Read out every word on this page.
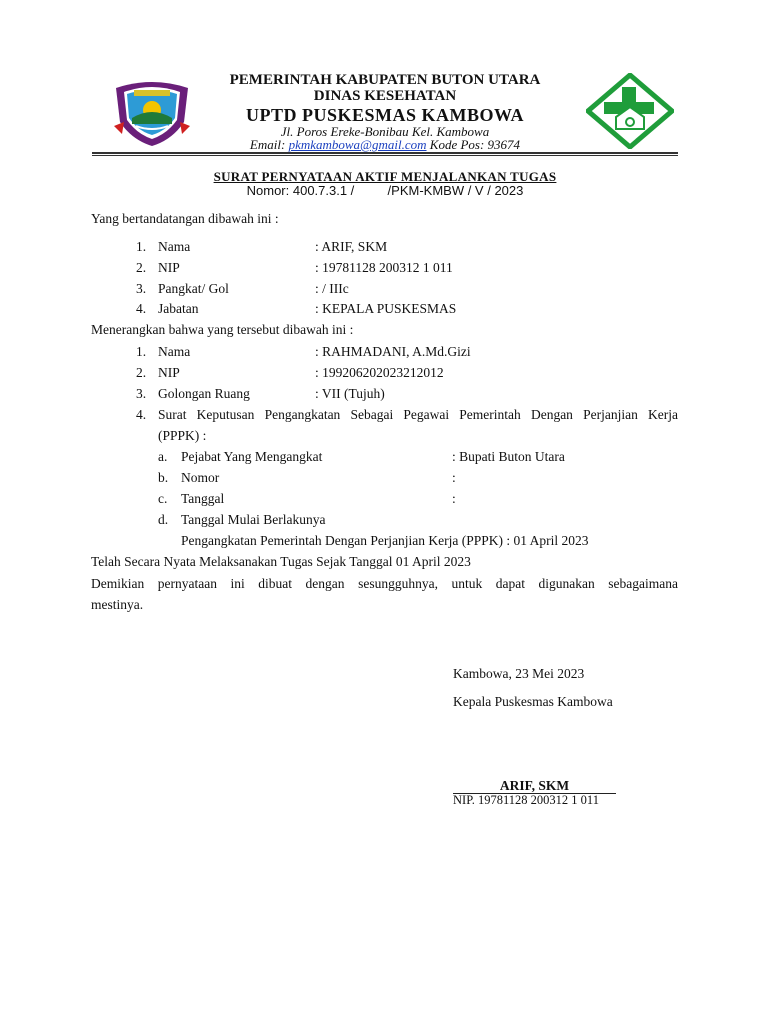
PEMERINTAH KABUPATEN BUTON UTARA
DINAS KESEHATAN
UPTD PUSKESMAS KAMBOWA
Jl. Poros Ereke-Bonibau Kel. Kambowa
Email: pkmkambowa@gmail.com Kode Pos: 93674
SURAT PERNYATAAN AKTIF MENJALANKAN TUGAS
Nomor: 400.7.3.1 /	/PKM-KMBW / V / 2023
Yang bertandatangan dibawah ini :
1. Nama	: ARIF, SKM
2. NIP	: 19781128 200312 1 011
3. Pangkat/ Gol	: / IIIc
4. Jabatan	: KEPALA PUSKESMAS
Menerangkan bahwa yang tersebut dibawah ini :
1. Nama	: RAHMADANI, A.Md.Gizi
2. NIP	: 199206202023212012
3. Golongan Ruang	: VII (Tujuh)
4. Surat Keputusan Pengangkatan Sebagai Pegawai Pemerintah Dengan Perjanjian Kerja
(PPPK) :
a. Pejabat Yang Mengangkat	: Bupati Buton Utara
b. Nomor	:
c. Tanggal	:
d. Tanggal Mulai Berlakunya
Pengangkatan Pemerintah Dengan Perjanjian Kerja (PPPK) : 01 April 2023
Telah Secara Nyata Melaksanakan Tugas Sejak Tanggal 01 April 2023
Demikian pernyataan ini dibuat dengan sesungguhnya, untuk dapat digunakan sebagaimana
mestinya.
Kambowa, 23 Mei 2023
Kepala Puskesmas Kambowa
ARIF, SKM
NIP. 19781128 200312 1 011
